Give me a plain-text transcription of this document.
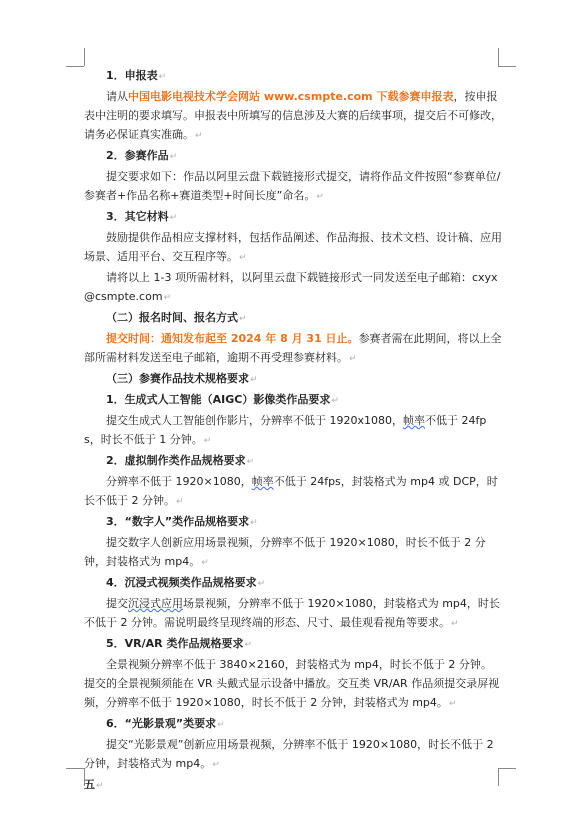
1．申报表↵

请从中国电影电视技术学会网站 www.csmpte.com 下载参赛申报表，按申报表中注明的要求填写。申报表中所填写的信息涉及大赛的后续事项，提交后不可修改，请务必保证真实准确。↵

2．参赛作品↵

提交要求如下：作品以阿里云盘下载链接形式提交，请将作品文件按照“参赛单位/参赛者+作品名称+赛道类型+时间长度”命名。↵

3．其它材料↵

鼓励提供作品相应支撑材料，包括作品阐述、作品海报、技术文档、设计稿、应用场景、适用平台、交互程序等。↵

请将以上 1-3 项所需材料，以阿里云盘下载链接形式一同发送至电子邮箱：cxyx@csmpte.com↵

（二）报名时间、报名方式↵

提交时间：通知发布起至 2024 年 8 月 31 日止。参赛者需在此期间，将以上全部所需材料发送至电子邮箱，逾期不再受理参赛材料。↵

（三）参赛作品技术规格要求↵

1．生成式人工智能（AIGC）影像类作品要求↵

提交生成式人工智能创作影片，分辨率不低于 1920x1080，帧率不低于 24fps，时长不低于 1 分钟。↵

2．虚拟制作类作品规格要求↵

分辨率不低于 1920×1080，帧率不低于 24fps，封装格式为 mp4 或 DCP，时长不低于 2 分钟。↵

3．“数字人”类作品规格要求↵

提交数字人创新应用场景视频，分辨率不低于 1920×1080，时长不低于 2 分钟，封装格式为 mp4。↵

4．沉浸式视频类作品规格要求↵

提交沉浸式应用场景视频，分辨率不低于 1920×1080，封装格式为 mp4，时长不低于 2 分钟。需说明最终呈现终端的形态、尺寸、最佳观看视角等要求。↵

5．VR/AR 类作品规格要求↵

全景视频分辨率不低于 3840×2160，封装格式为 mp4，时长不低于 2 分钟。提交的全景视频须能在 VR 头戴式显示设备中播放。交互类 VR/AR 作品须提交录屏视频，分辨率不低于 1920×1080，时长不低于 2 分钟，封装格式为 mp4。↵

6．“光影景观”类要求↵

提交“光影景观”创新应用场景视频，分辨率不低于 1920×1080，时长不低于 2 分钟，封装格式为 mp4。↵

五↵
